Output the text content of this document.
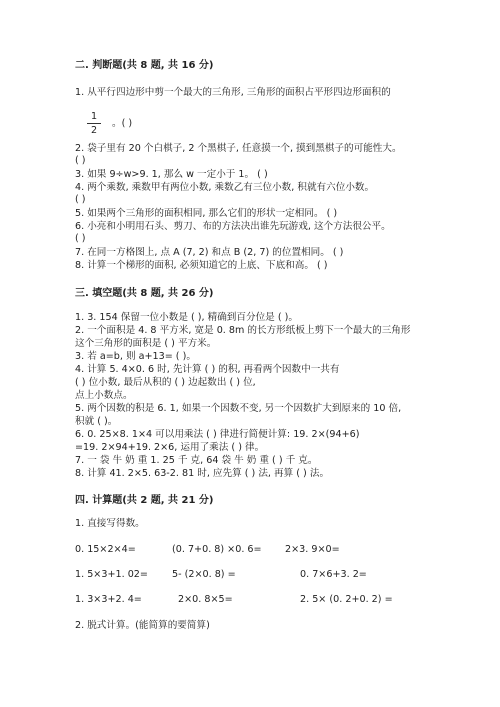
二. 判断题(共 8 题, 共 16 分)
1. 从平行四边形中剪一个最大的三角形, 三角形的面积占平形四边形面积的
1
2
。( )
2. 袋子里有 20 个白棋子, 2 个黑棋子, 任意摸一个, 摸到黑棋子的可能性大。
( )
3. 如果 9÷w>9. 1, 那么 w 一定小于 1。 ( )
4. 两个乘数, 乘数甲有两位小数, 乘数乙有三位小数, 积就有六位小数。
( )
5. 如果两个三角形的面积相同, 那么它们的形状一定相同。 ( )
6. 小亮和小明用石头、剪刀、布的方法决出谁先玩游戏, 这个方法很公平。
( )
7. 在同一方格图上, 点 A (7, 2) 和点 B (2, 7) 的位置相同。 ( )
8. 计算一个梯形的面积, 必须知道它的上底、下底和高。 ( )
三. 填空题(共 8 题, 共 26 分)
1. 3. 154 保留一位小数是 ( ), 精确到百分位是 ( )。
2. 一个面积是 4. 8 平方米, 宽是 0. 8m 的长方形纸板上剪下一个最大的三角形
这个三角形的面积是 ( ) 平方米。
3. 若 a=b, 则 a+13= ( )。
4. 计算 5. 4×0. 6 时, 先计算 ( ) 的积, 再看两个因数中一共有
( ) 位小数, 最后从积的 ( ) 边起数出 ( ) 位,
点上小数点。
5. 两个因数的积是 6. 1, 如果一个因数不变, 另一个因数扩大到原来的 10 倍,
积就 ( )。
6. 0. 25×8. 1×4 可以用乘法 ( ) 律进行简便计算: 19. 2×(94+6)
=19. 2×94+19. 2×6, 运用了乘法 ( ) 律。
7. 一 袋 牛 奶 重 1. 25 千 克, 64 袋 牛 奶 重 ( ) 千 克。
8. 计算 41. 2×5. 63-2. 81 时, 应先算 ( ) 法, 再算 ( ) 法。
四. 计算题(共 2 题, 共 21 分)
1. 直接写得数。
0. 15×2×4=	(0. 7+0. 8) ×0. 6= 2×3. 9×0=
1. 5×3+1. 02=	5- (2×0. 8) =	0. 7×6+3. 2=
1. 3×3+2. 4=	2×0. 8×5=	2. 5× (0. 2+0. 2) =
2. 脱式计算。(能简算的要简算)
